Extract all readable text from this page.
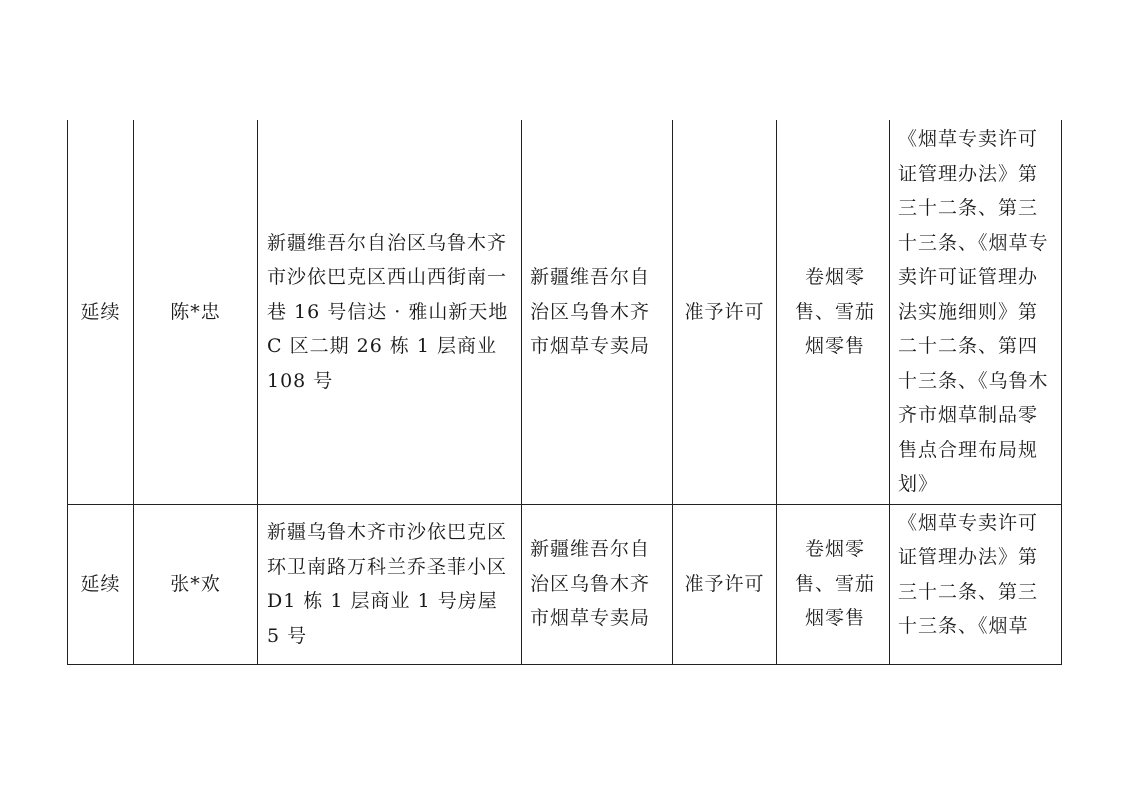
延续	陈*忠	新疆维吾尔自治区乌鲁木齐市沙依巴克区西山西街南一巷 16 号信达 · 雅山新天地 C 区二期 26 栋 1 层商业 108 号	新疆维吾尔自治区乌鲁木齐市烟草专卖局	准予许可	卷烟零售、雪茄烟零售	《烟草专卖许可证管理办法》第三十二条、第三十三条、《烟草专卖许可证管理办法实施细则》第二十二条、第四十三条、《乌鲁木齐市烟草制品零售点合理布局规划》

延续	张*欢	新疆乌鲁木齐市沙依巴克区环卫南路万科兰乔圣菲小区 D1 栋 1 层商业 1 号房屋 5 号	新疆维吾尔自治区乌鲁木齐市烟草专卖局	准予许可	卷烟零售、雪茄烟零售	《烟草专卖许可证管理办法》第三十二条、第三十三条、《烟草
